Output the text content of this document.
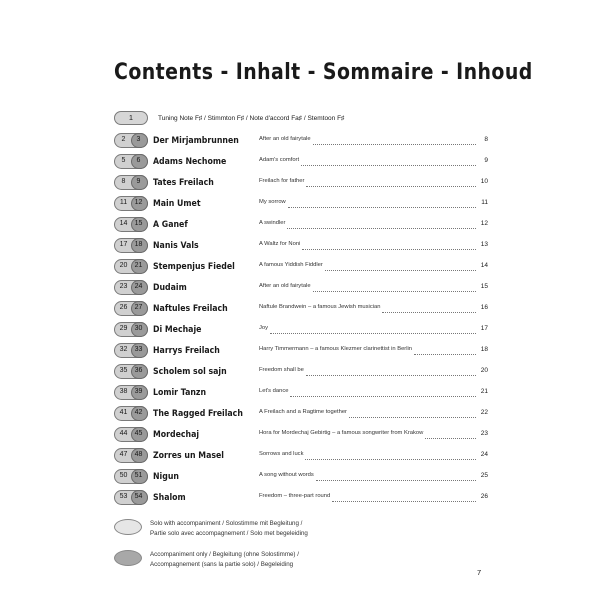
Contents - Inhalt - Sommaire - Inhoud
1	Tuning Note F♯ / Stimmton F♯ / Note d'accord Fa♯ / Stemtoon F♯
2	3	Der Mirjambrunnen	After an old fairytale	8
5	6	Adams Nechome	Adam's comfort	9
8	9	Tates Freilach	Freilach for father	10
11	12	Main Umet	My sorrow	11
14	15	A Ganef	A swindler	12
17	18	Nanis Vals	A Waltz for Noni	13
20	21	Stempenjus Fiedel	A famous Yiddish Fiddler	14
23	24	Dudaim	After an old fairytale	15
26	27	Naftules Freilach	Naftule Brandwein – a famous Jewish musician	16
29	30	Di Mechaje	Joy	17
32	33	Harrys Freilach	Harry Timmermann – a famous Klezmer clarinettist in Berlin	18
35	36	Scholem sol sajn	Freedom shall be	20
38	39	Lomir Tanzn	Let's dance	21
41	42	The Ragged Freilach	A Freilach and a Ragtime together	22
44	45	Mordechaj	Hora for Mordechaj Gebirtig – a famous songwriter from Krakow	23
47	48	Zorres un Masel	Sorrows and luck	24
50	51	Nigun	A song without words	25
53	54	Shalom	Freedom – three-part round	26
Solo with accompaniment / Solostimme mit Begleitung /
Partie solo avec accompagnement / Solo met begeleiding
Accompaniment only / Begleitung (ohne Solostimme) /
Accompagnement (sans la partie solo) / Begeleiding
7
